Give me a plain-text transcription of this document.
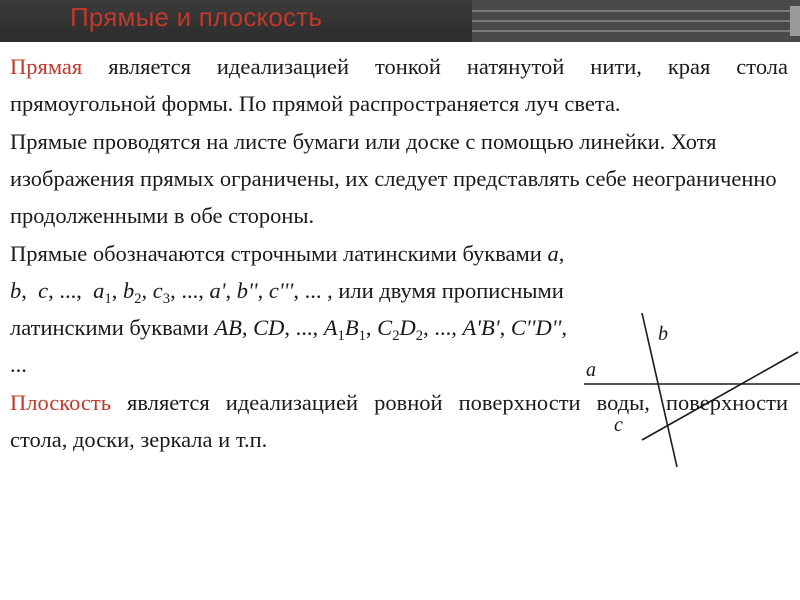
Прямые и плоскость

Прямая является идеализацией тонкой натянутой нити, края стола прямоугольной формы. По прямой распространяется луч света.

Прямые проводятся на листе бумаги или доске с помощью линейки. Хотя изображения прямых ограничены, их следует представлять себе неограниченно продолженными в обе стороны.

Прямые обозначаются строчными латинскими буквами a,  b,  c, ...,  $a_1$, $b_2$, $c_3$, ..., a', b'', c''', ... , или двумя прописными латинскими буквами AB, CD, ..., $A_1B_1$, $C_2D_2$, ..., A'B', C''D'', ...

Плоскость является идеализацией ровной поверхности воды, поверхности стола, доски, зеркала и т.п.

b
a
c
